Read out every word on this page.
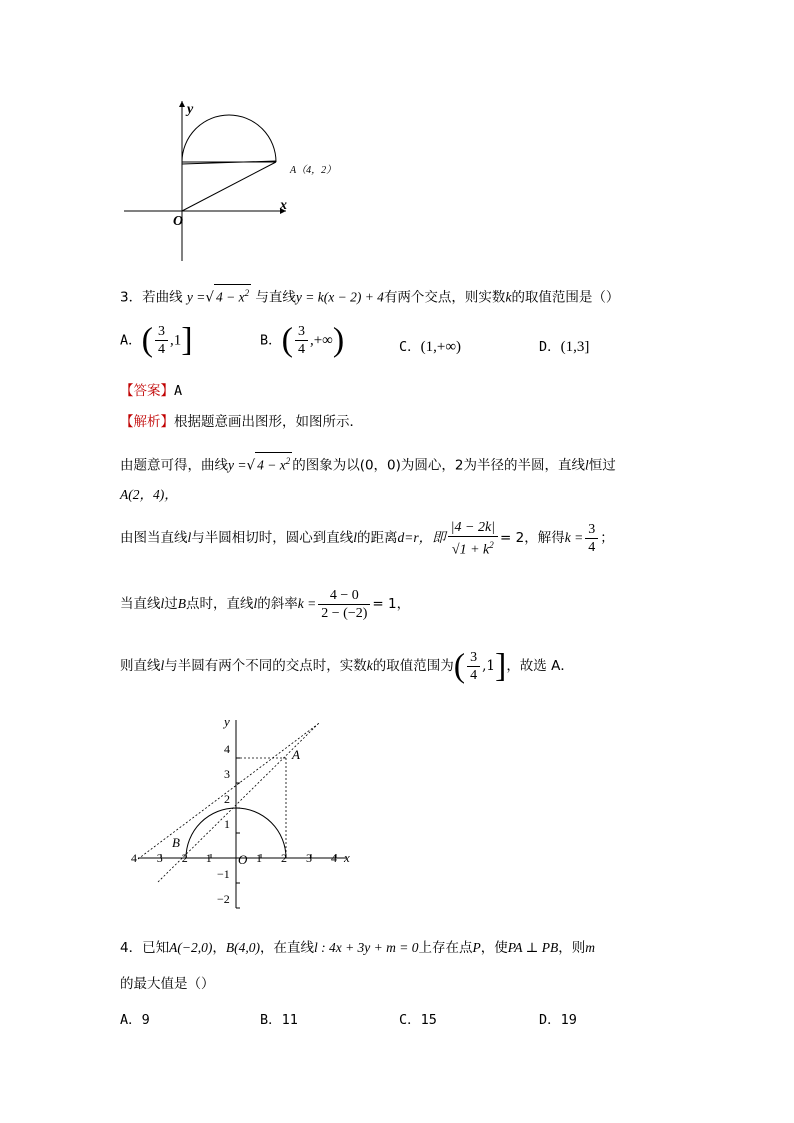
y
x
O
A（4，2）
3．若曲线 y =√ $4 - x^2$ 与直线y = k(x − 2) + 4有两个交点，则实数k的取值范围是（）
A．( $\frac{3}{4} ,1$]	B．( $\frac{3}{4}$ ,+∞)	C．(1,+∞)	D．(1,3]
【答案】A
【解析】根据题意画出图形，如图所示．
由题意可得，曲线y =√ $4 - x^2$ 的图象为以(0，0)为圆心，2为半径的半圆，直线l恒过
A(2，4)，
由图当直线l与半圆相切时，圆心到直线l的距离d=r，即 $\frac{|4 - 2k|}{√1 + k^2} = 2$，解得$k = \frac{3}{4}$ ；
当直线l过B点时，直线l的斜率$k = \frac{4 - 0}{2 - (-2)} = 1$，
则直线l与半圆有两个不同的交点时，实数k的取值范围为( $\frac{3}{4} ,1$]，故选 A．
y
x
O
A
B
4
3
2
1
−1
−2
4 −3 −2 −1	1 2 3 4
4．已知A(−2,0)，B(4,0)，在直线l : 4x + 3y + m = 0上存在点P，使PA ⊥ PB，则m
的最大值是（）
A．9	B．11	C．15	D．19
